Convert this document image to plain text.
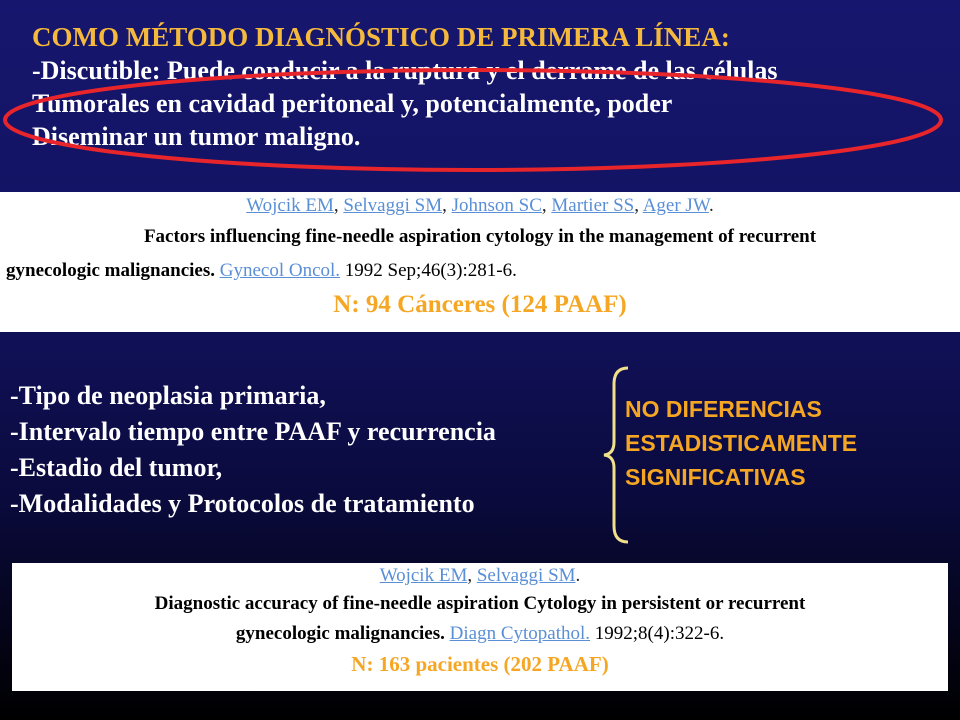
COMO MÉTODO DIAGNÓSTICO DE PRIMERA LÍNEA:
-Discutible: Puede conducir a la ruptura y el derrame de las células
Tumorales en cavidad peritoneal y, potencialmente, poder
Diseminar un tumor maligno.
Wojcik EM, Selvaggi SM, Johnson SC, Martier SS, Ager JW.
Factors influencing fine-needle aspiration cytology in the management of recurrent
gynecologic malignancies. Gynecol Oncol. 1992 Sep;46(3):281-6.
N: 94 Cánceres (124 PAAF)
-Tipo de neoplasia primaria,
-Intervalo tiempo entre PAAF y recurrencia
-Estadio del tumor,
-Modalidades y Protocolos de tratamiento
NO DIFERENCIAS
ESTADISTICAMENTE
SIGNIFICATIVAS
Wojcik EM, Selvaggi SM.
Diagnostic accuracy of fine-needle aspiration Cytology in persistent or recurrent
gynecologic malignancies. Diagn Cytopathol. 1992;8(4):322-6.
N: 163 pacientes (202 PAAF)
